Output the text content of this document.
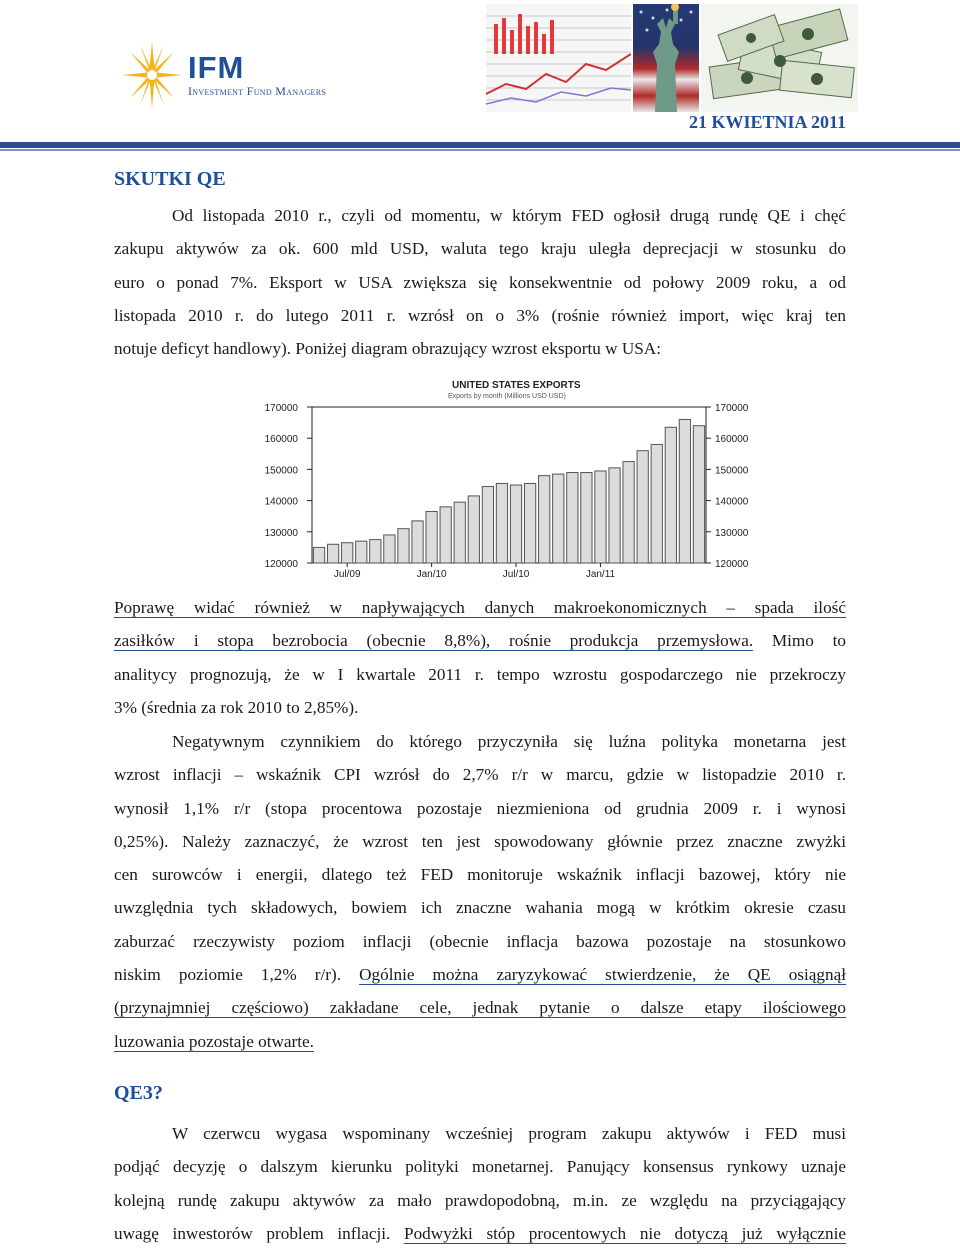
IFM
Investment Fund Managers
21 KWIETNIA 2011
SKUTKI QE
Od listopada 2010 r., czyli od momentu, w którym FED ogłosił drugą rundę QE i chęć
zakupu aktywów za ok. 600 mld USD, waluta tego kraju uległa deprecjacji w stosunku do
euro o ponad 7%. Eksport w USA zwiększa się konsekwentnie od połowy 2009 roku, a od
listopada 2010 r. do lutego 2011 r. wzrósł on o 3% (rośnie również import, więc kraj ten
notuje deficyt handlowy). Poniżej diagram obrazujący wzrost eksportu w USA:
UNITED STATES EXPORTS
Exports by month (Millions USD USD)
170000	170000
160000	160000
150000	150000
140000	140000
130000	130000
120000	120000
Jul/09	Jan/10	Jul/10	Jan/11
Poprawę widać również w napływających danych makroekonomicznych – spada ilość
zasiłków i stopa bezrobocia (obecnie 8,8%), rośnie produkcja przemysłowa. Mimo to
analitycy prognozują, że w I kwartale 2011 r. tempo wzrostu gospodarczego nie przekroczy
3% (średnia za rok 2010 to 2,85%).
Negatywnym czynnikiem do którego przyczyniła się luźna polityka monetarna jest
wzrost inflacji – wskaźnik CPI wzrósł do 2,7% r/r w marcu, gdzie w listopadzie 2010 r.
wynosił 1,1% r/r (stopa procentowa pozostaje niezmieniona od grudnia 2009 r. i wynosi
0,25%). Należy zaznaczyć, że wzrost ten jest spowodowany głównie przez znaczne zwyżki
cen surowców i energii, dlatego też FED monitoruje wskaźnik inflacji bazowej, który nie
uwzględnia tych składowych, bowiem ich znaczne wahania mogą w krótkim okresie czasu
zaburzać rzeczywisty poziom inflacji (obecnie inflacja bazowa pozostaje na stosunkowo
niskim poziomie 1,2% r/r). Ogólnie można zaryzykować stwierdzenie, że QE osiągnął
(przynajmniej częściowo) zakładane cele, jednak pytanie o dalsze etapy ilościowego
luzowania pozostaje otwarte.
QE3?
W czerwcu wygasa wspominany wcześniej program zakupu aktywów i FED musi
podjąć decyzję o dalszym kierunku polityki monetarnej. Panujący konsensus rynkowy uznaje
kolejną rundę zakupu aktywów za mało prawdopodobną, m.in. ze względu na przyciągający
uwagę inwestorów problem inflacji. Podwyżki stóp procentowych nie dotyczą już wyłącznie
